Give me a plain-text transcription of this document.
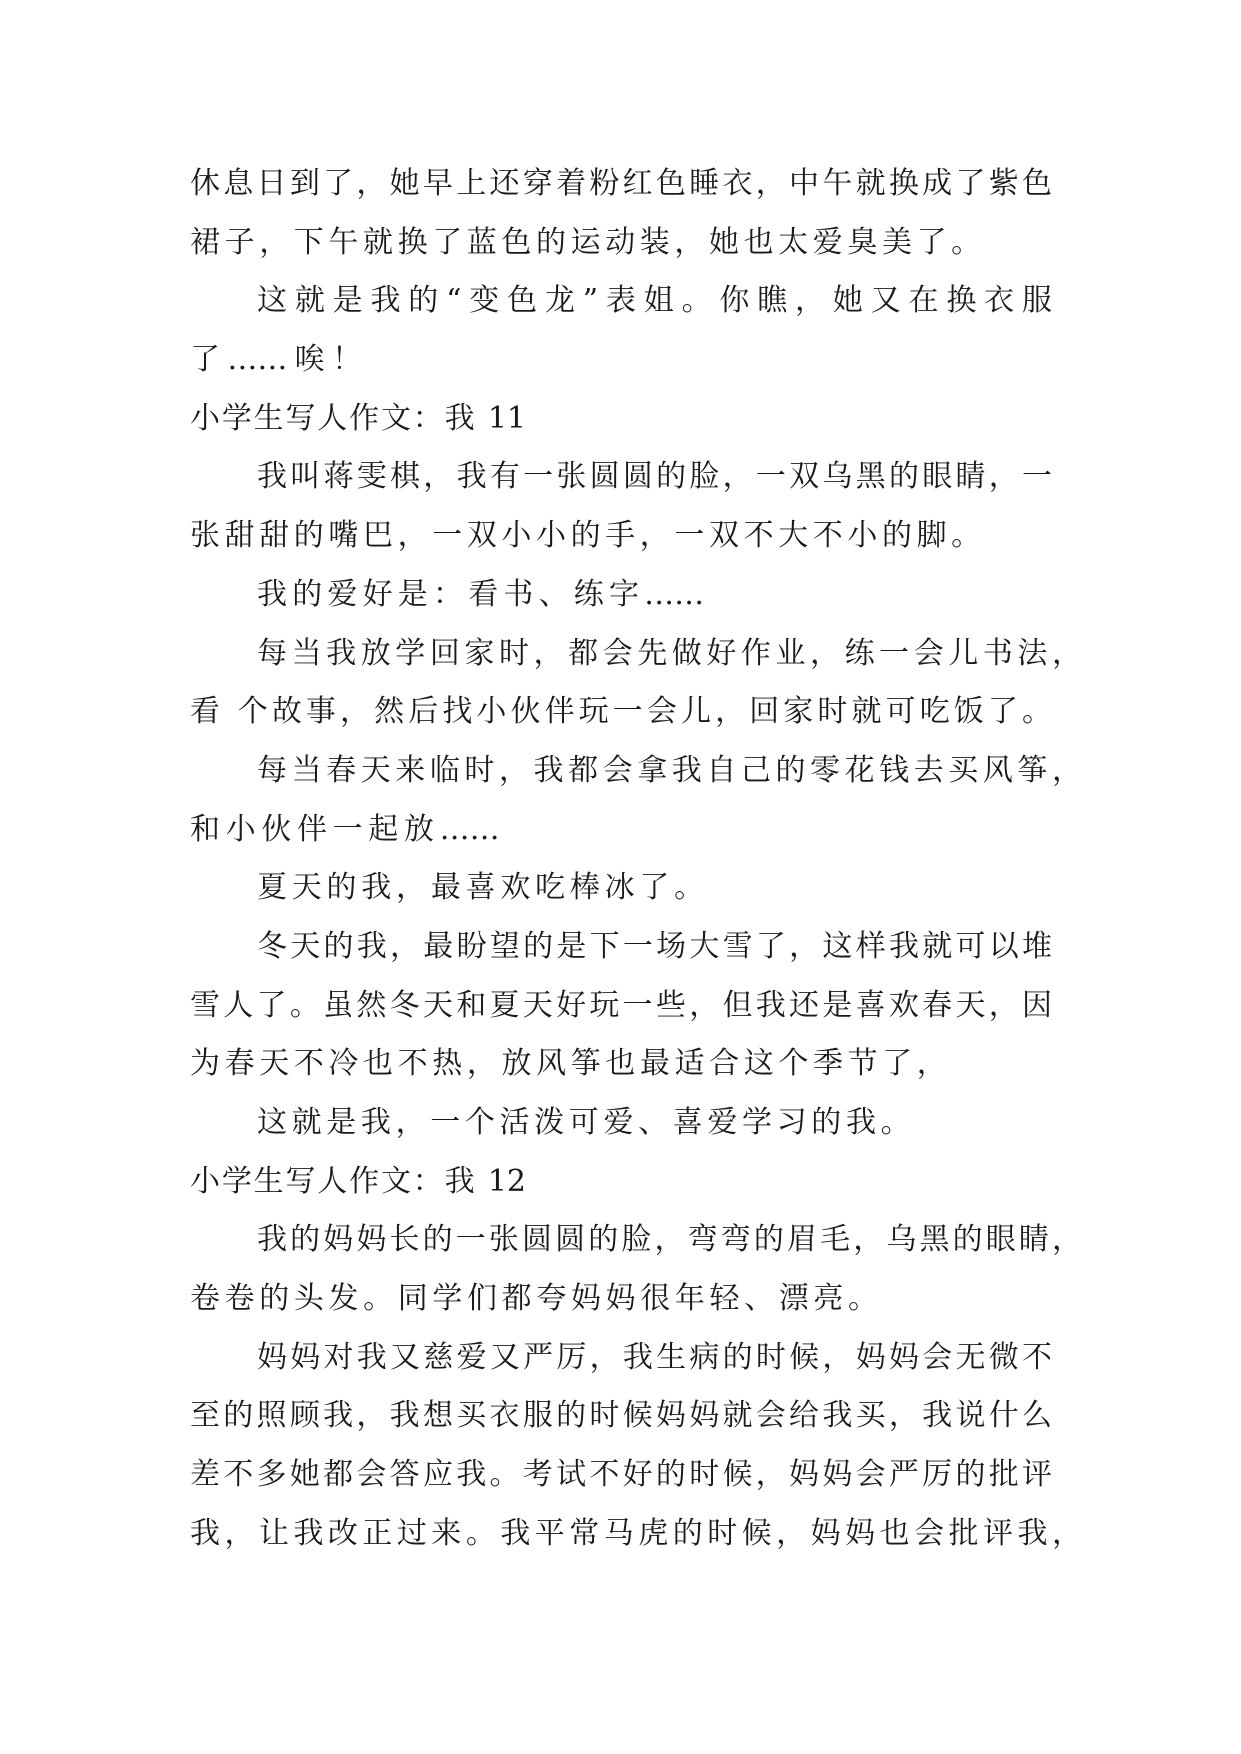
休息日到了，她早上还穿着粉红色睡衣，中午就换成了紫色
裙子，下午就换了蓝色的运动装，她也太爱臭美了。
这就是我的“变色龙”表姐。你瞧，她又在换衣服
了……唉！
小学生写人作文：我 11
我叫蒋雯棋，我有一张圆圆的脸，一双乌黑的眼睛，一
张甜甜的嘴巴，一双小小的手，一双不大不小的脚。
我的爱好是：看书、练字……
每当我放学回家时，都会先做好作业，练一会儿书法，
看 个故事，然后找小伙伴玩一会儿，回家时就可吃饭了。
每当春天来临时，我都会拿我自己的零花钱去买风筝，
和小伙伴一起放……
夏天的我，最喜欢吃棒冰了。
冬天的我，最盼望的是下一场大雪了，这样我就可以堆
雪人了。虽然冬天和夏天好玩一些，但我还是喜欢春天，因
为春天不冷也不热，放风筝也最适合这个季节了，
这就是我，一个活泼可爱、喜爱学习的我。
小学生写人作文：我 12
我的妈妈长的一张圆圆的脸，弯弯的眉毛，乌黑的眼睛，
卷卷的头发。同学们都夸妈妈很年轻、漂亮。
妈妈对我又慈爱又严厉，我生病的时候，妈妈会无微不
至的照顾我，我想买衣服的时候妈妈就会给我买，我说什么
差不多她都会答应我。考试不好的时候，妈妈会严厉的批评
我，让我改正过来。我平常马虎的时候，妈妈也会批评我，
